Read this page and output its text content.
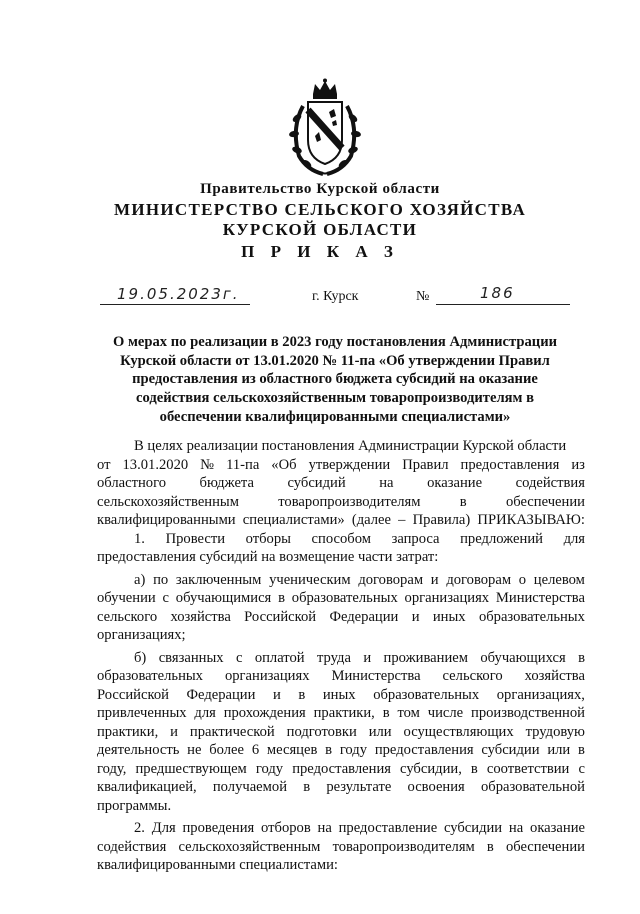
Правительство Курской области
МИНИСТЕРСТВО СЕЛЬСКОГО ХОЗЯЙСТВА
КУРСКОЙ ОБЛАСТИ
П Р И К А З
19.05.2023г.	г. Курск	№	186
О мерах по реализации в 2023 году постановления Администрации
Курской области от 13.01.2020 № 11-па «Об утверждении Правил
предоставления из областного бюджета субсидий на оказание
содействия сельскохозяйственным товаропроизводителям в
обеспечении квалифицированными специалистами»
В целях реализации постановления Администрации Курской области
от 13.01.2020 № 11-па «Об утверждении Правил предоставления из
областного бюджета субсидий на оказание содействия
сельскохозяйственным	товаропроизводителям	в	обеспечении
квалифицированными специалистами» (далее – Правила) ПРИКАЗЫВАЮ:
1. Провести отборы способом запроса предложений для
предоставления субсидий на возмещение части затрат:
а) по заключенным ученическим договорам и договорам о целевом
обучении с обучающимися в образовательных организациях Министерства
сельского хозяйства Российской Федерации и иных образовательных
организациях;
б) связанных с оплатой труда и проживанием обучающихся в
образовательных организациях Министерства сельского хозяйства
Российской Федерации и в иных образовательных организациях,
привлеченных для прохождения практики, в том числе производственной
практики, и практической подготовки или осуществляющих трудовую
деятельность не более 6 месяцев в году предоставления субсидии или в
году, предшествующем году предоставления субсидии, в соответствии с
квалификацией, получаемой в результате освоения образовательной
программы.
2. Для проведения отборов на предоставление субсидии на оказание
содействия сельскохозяйственным товаропроизводителям в обеспечении
квалифицированными специалистами:
